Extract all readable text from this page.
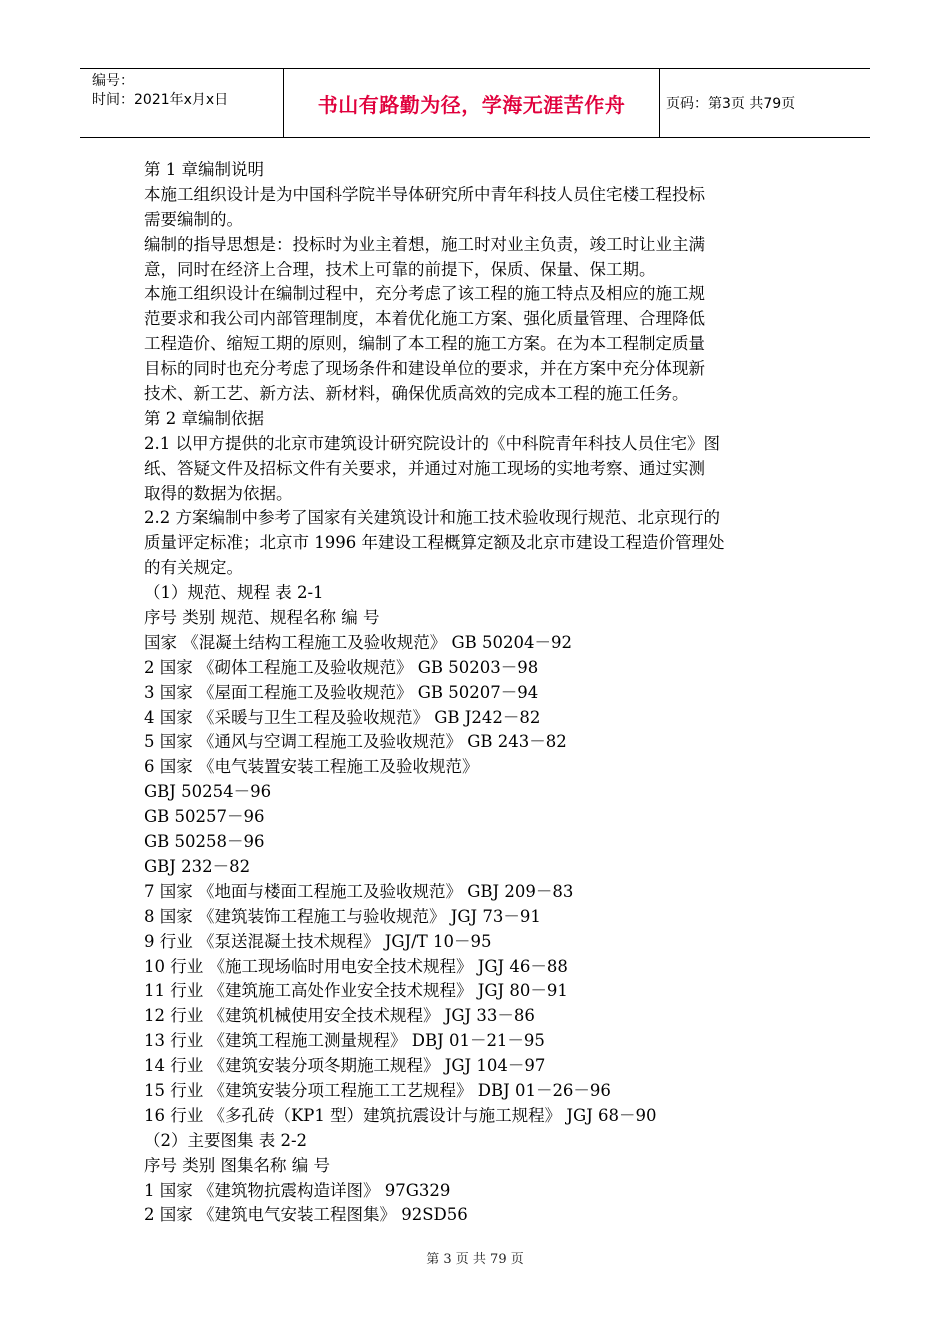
编号：
时间：2021年x月x日	书山有路勤为径，学海无涯苦作舟	页码：第3页 共79页
第 1 章编制说明
本施工组织设计是为中国科学院半导体研究所中青年科技人员住宅楼工程投标
需要编制的。
编制的指导思想是：投标时为业主着想，施工时对业主负责，竣工时让业主满
意，同时在经济上合理，技术上可靠的前提下，保质、保量、保工期。
本施工组织设计在编制过程中，充分考虑了该工程的施工特点及相应的施工规
范要求和我公司内部管理制度，本着优化施工方案、强化质量管理、合理降低
工程造价、缩短工期的原则，编制了本工程的施工方案。在为本工程制定质量
目标的同时也充分考虑了现场条件和建设单位的要求，并在方案中充分体现新
技术、新工艺、新方法、新材料，确保优质高效的完成本工程的施工任务。
第 2 章编制依据
2.1 以甲方提供的北京市建筑设计研究院设计的《中科院青年科技人员住宅》图
纸、答疑文件及招标文件有关要求，并通过对施工现场的实地考察、通过实测
取得的数据为依据。
2.2 方案编制中参考了国家有关建筑设计和施工技术验收现行规范、北京现行的
质量评定标准；北京市 1996 年建设工程概算定额及北京市建设工程造价管理处
的有关规定。
（1）规范、规程 表 2-1
序号 类别 规范、规程名称 编 号
国家 《混凝土结构工程施工及验收规范》 GB 50204－92
2 国家 《砌体工程施工及验收规范》 GB 50203－98
3 国家 《屋面工程施工及验收规范》 GB 50207－94
4 国家 《采暖与卫生工程及验收规范》 GB J242－82
5 国家 《通风与空调工程施工及验收规范》 GB 243－82
6 国家 《电气装置安装工程施工及验收规范》
GBJ 50254－96
GB 50257－96
GB 50258－96
GBJ 232－82
7 国家 《地面与楼面工程施工及验收规范》 GBJ 209－83
8 国家 《建筑装饰工程施工与验收规范》 JGJ 73－91
9 行业 《泵送混凝土技术规程》 JGJ/T 10－95
10 行业 《施工现场临时用电安全技术规程》 JGJ 46－88
11 行业 《建筑施工高处作业安全技术规程》 JGJ 80－91
12 行业 《建筑机械使用安全技术规程》 JGJ 33－86
13 行业 《建筑工程施工测量规程》 DBJ 01－21－95
14 行业 《建筑安装分项冬期施工规程》 JGJ 104－97
15 行业 《建筑安装分项工程施工工艺规程》 DBJ 01－26－96
16 行业 《多孔砖（KP1 型）建筑抗震设计与施工规程》 JGJ 68－90
（2）主要图集 表 2-2
序号 类别 图集名称 编 号
1 国家 《建筑物抗震构造详图》 97G329
2 国家 《建筑电气安装工程图集》 92SD56
第 3 页 共 79 页
